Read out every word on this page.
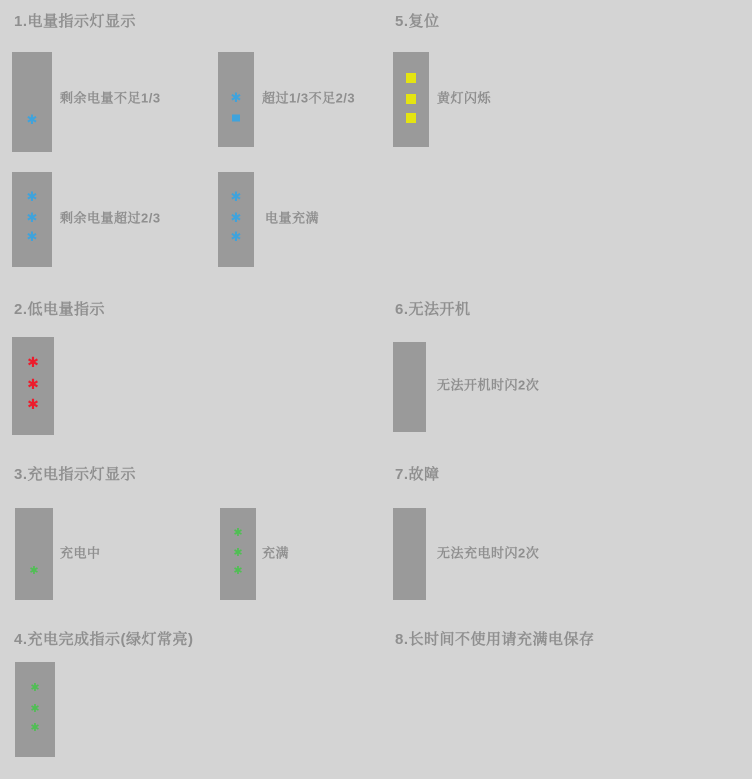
1.电量指示灯显示
2.低电量指示
3.充电指示灯显示
4.充电完成指示(绿灯常亮)
5.复位
6.无法开机
7.故障
8.长时间不使用请充满电保存
✱
剩余电量不足1/3 ✱	超过1/3不足2/3
✱
✱
✱
剩余电量超过2/3
✱ ✱
✱	电量充满
黄灯闪烁
✱
✱
✱
无法开机时闪2次
✱
充电中
✱ ✱
✱	充满	无法充电时闪2次
✱
✱
✱
